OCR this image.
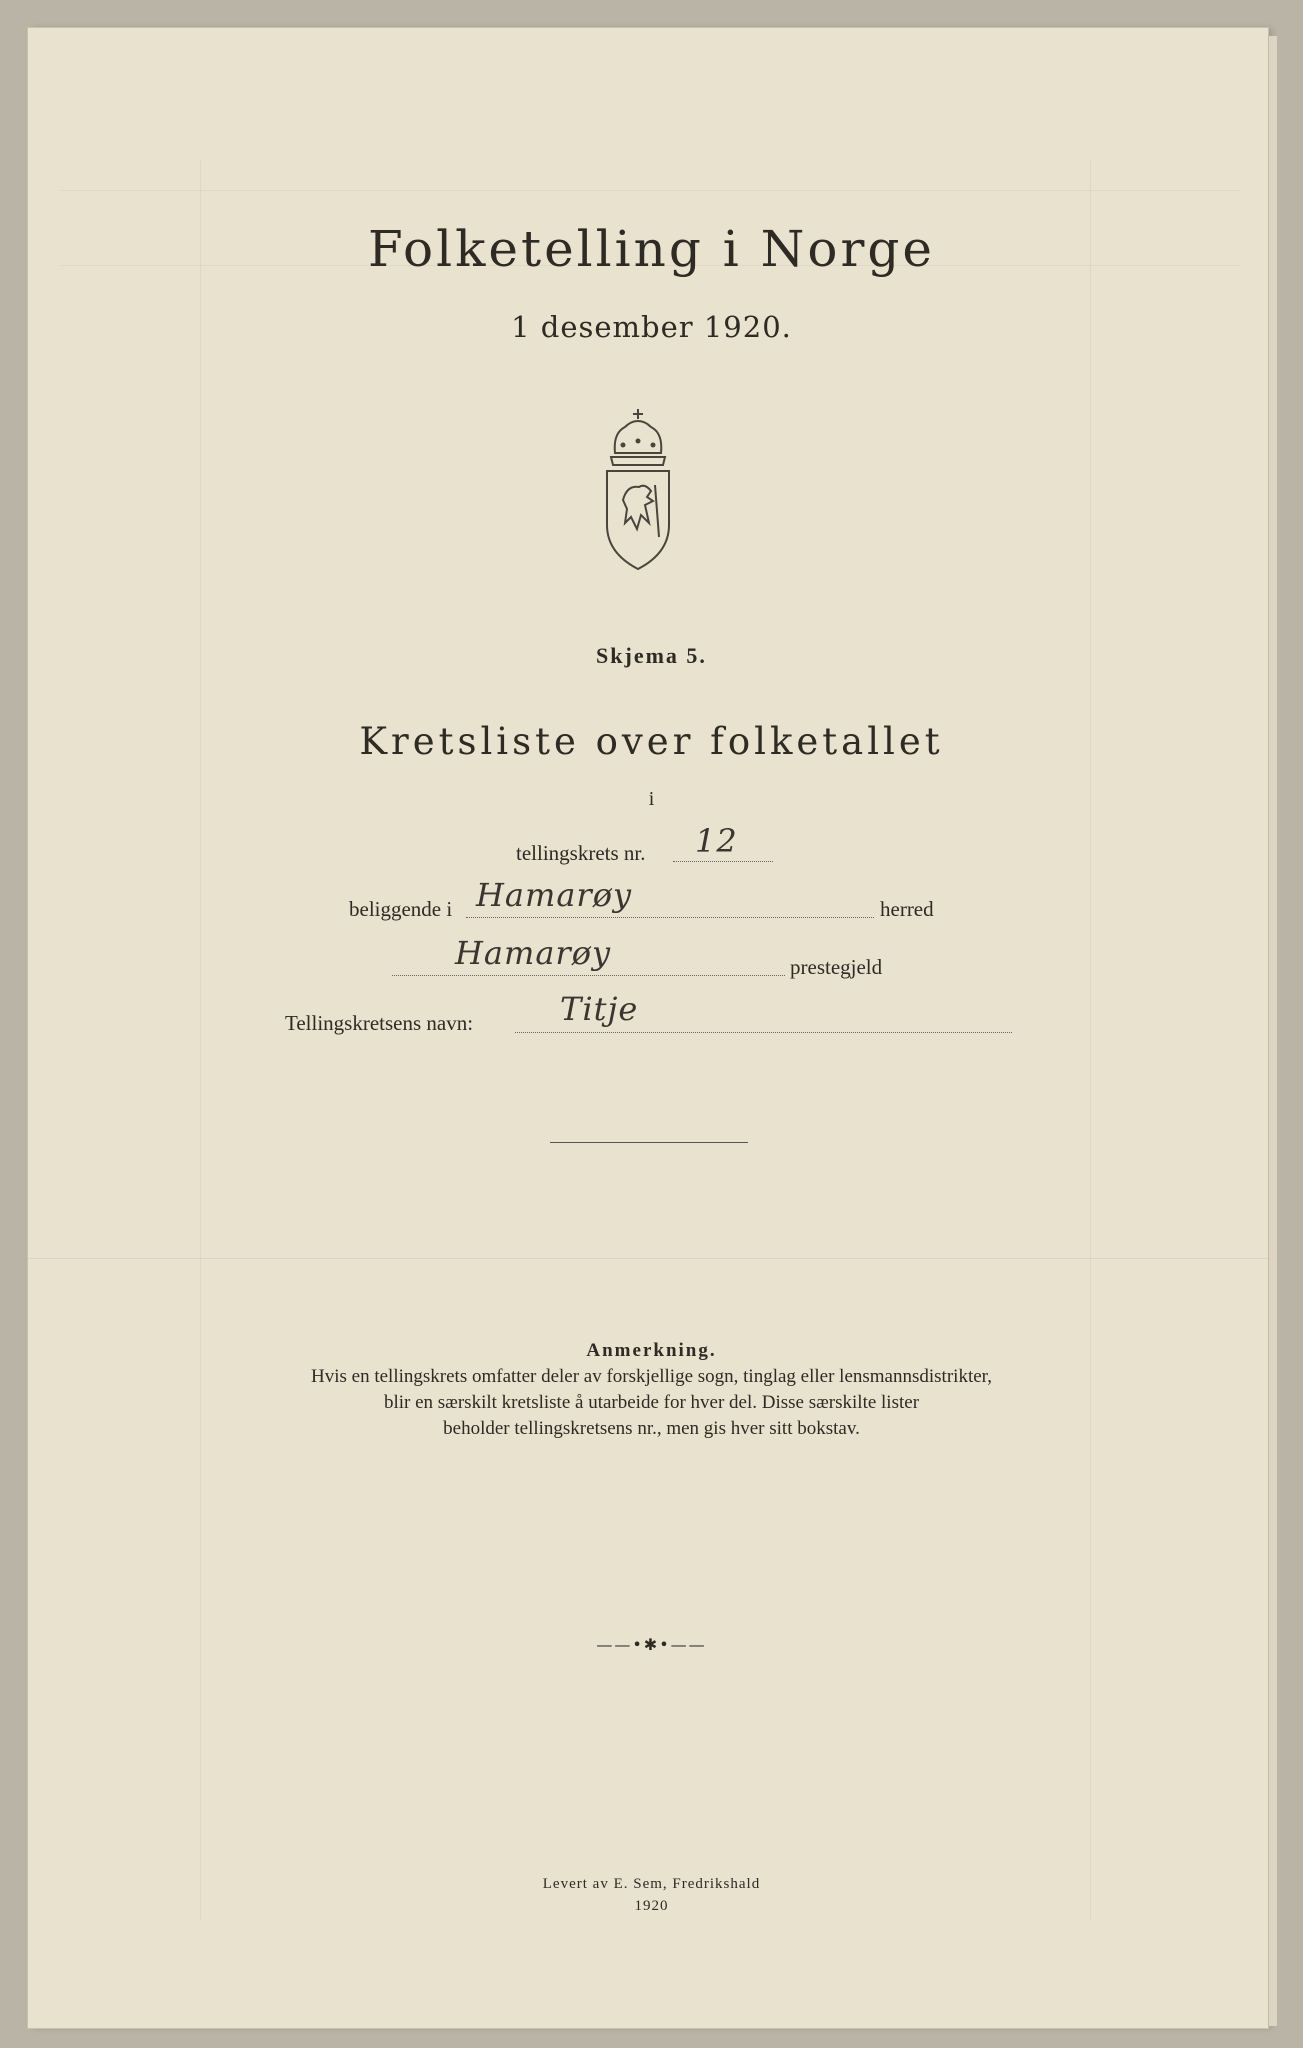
Folketelling i Norge
1 desember 1920.
Skjema 5.
Kretsliste over folketallet
i
tellingskrets nr. 12
beliggende i Hamarøy	herred
Hamarøy	prestegjeld
Tellingskretsens navn:	Titje
Anmerkning.
Hvis en tellingskrets omfatter deler av forskjellige sogn, tinglag eller lensmannsdistrikter,
blir en særskilt kretsliste å utarbeide for hver del. Disse særskilte lister
beholder tellingskretsens nr., men gis hver sitt bokstav.
——•✱•——
Levert av E. Sem, Fredrikshald
1920
